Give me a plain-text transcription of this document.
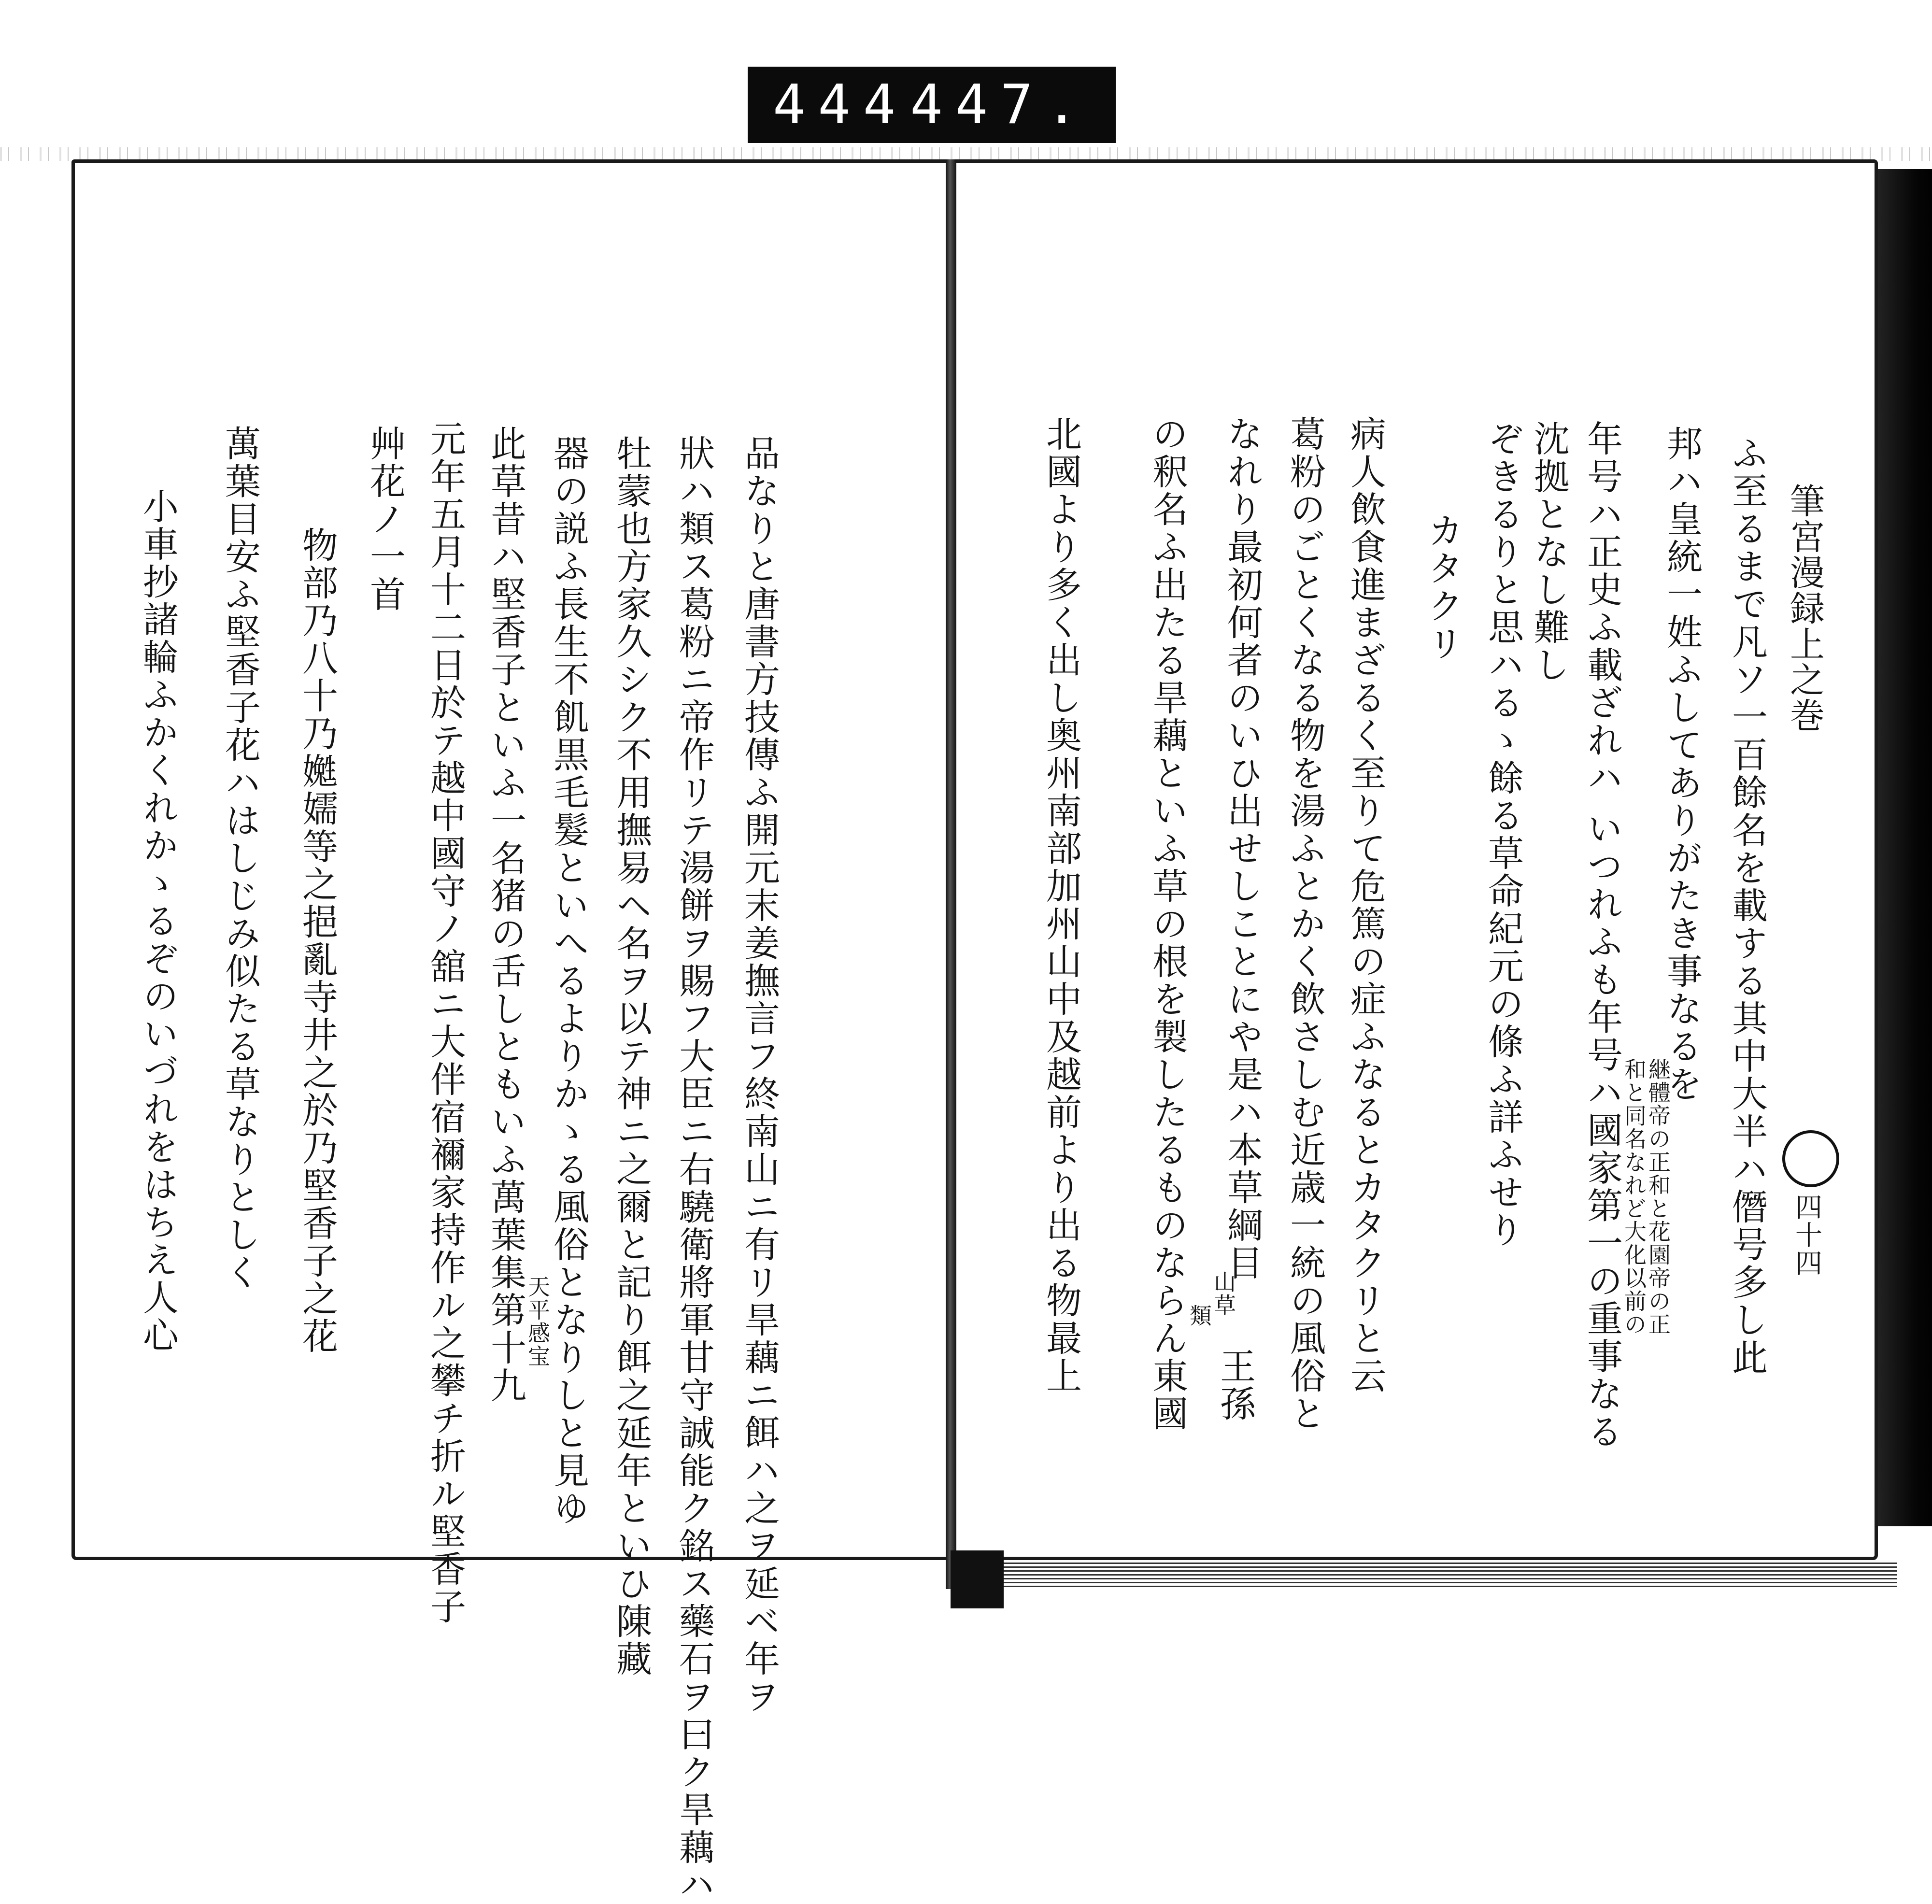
444 447.
筆宮漫録上之巻
四十四
ふ至るまで凡ソ一百餘名を載する其中大半ハ僭号多し此
邦ハ皇統一姓ふしてありがたき事なるを
継體帝の正和と花園帝の正
和と同名なれど大化以前の
年号ハ正史ふ載ざれハ いつれふも年号ハ國家第一の重事なる
沈拠となし難し
ぞきるりと思ハるゝ餘る草命紀元の條ふ詳ふせり
カタクリ
病人飲食進まざるく至りて危篤の症ふなるとカタクリと云
葛粉のごとくなる物を湯ふとかく飲さしむ近歳一統の風俗と
なれり最初何者のいひ出せしことにや是ハ本草綱目
山草
類
王孫
の釈名ふ出たる旱藕といふ草の根を製したるものならん東國
北國より多く出し奥州南部加州山中及越前より出る物最上
品なりと唐書方技傳ふ開元末姜撫言フ終南山ニ有リ旱藕ニ餌ハ之ヲ延ベ年ヲ
狀ハ類ス葛粉ニ帝作リテ湯餅ヲ賜フ大臣ニ右驍衛將軍甘守誠能ク銘ス藥石ヲ曰ク旱藕ハ
牡蒙也方家久シク不用撫易ヘ名ヲ以テ神ニ之爾と記り餌之延年といひ陳藏
器の説ふ長生不飢黒毛髮といへるよりかゝる風俗となりしと見ゆ
此草昔ハ堅香子といふ一名猪の舌しともいふ萬葉集第十九
天平感宝
元年五月十二日於テ越中國守ノ舘ニ大伴宿禰家持作ル之攀チ折ル堅香子
艸花ノ一首
物部乃八十乃嬔嬬等之挹亂寺井之於乃堅香子之花
萬葉目安ふ堅香子花ハはしじみ似たる草なりとしく
小車抄諸輪ふかくれかゝるぞのいづれをはちえ人心
